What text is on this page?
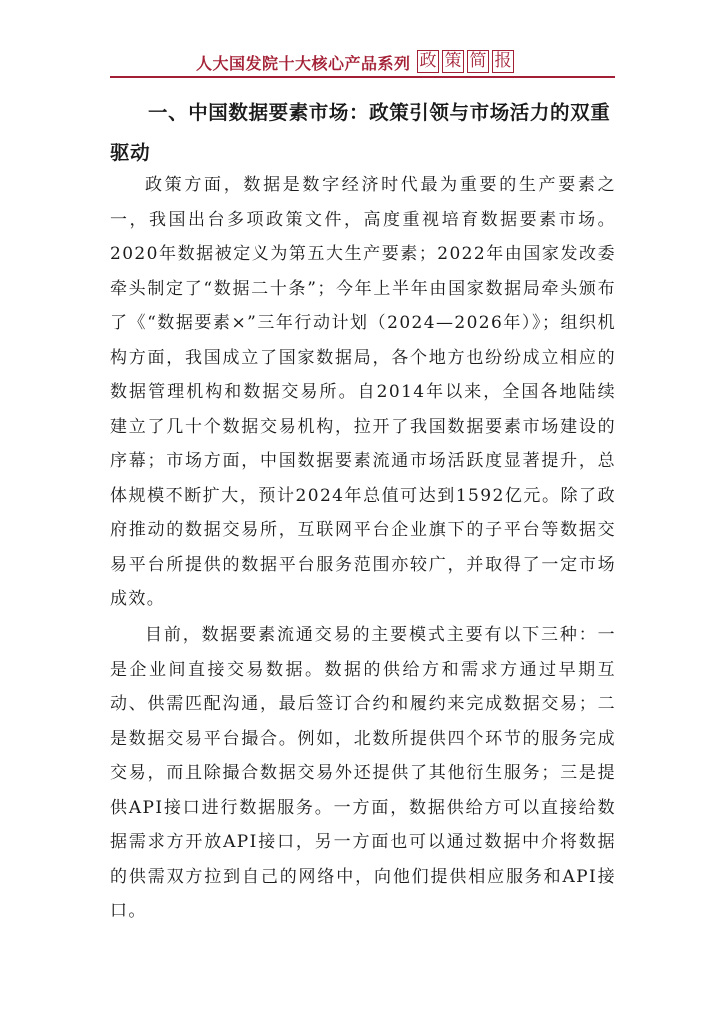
人大国发院十大核心产品系列 政 策 简 报
一、中国数据要素市场：政策引领与市场活力的双重驱动

政策方面，数据是数字经济时代最为重要的生产要素之一，我国出台多项政策文件，高度重视培育数据要素市场。2020年数据被定义为第五大生产要素；2022年由国家发改委牵头制定了“数据二十条”；今年上半年由国家数据局牵头颁布了《“数据要素×”三年行动计划（2024—2026年）》；组织机构方面，我国成立了国家数据局，各个地方也纷纷成立相应的数据管理机构和数据交易所。自2014年以来，全国各地陆续建立了几十个数据交易机构，拉开了我国数据要素市场建设的序幕；市场方面，中国数据要素流通市场活跃度显著提升，总体规模不断扩大，预计2024年总值可达到1592亿元。除了政府推动的数据交易所，互联网平台企业旗下的子平台等数据交易平台所提供的数据平台服务范围亦较广，并取得了一定市场成效。

目前，数据要素流通交易的主要模式主要有以下三种：一是企业间直接交易数据。数据的供给方和需求方通过早期互动、供需匹配沟通，最后签订合约和履约来完成数据交易；二是数据交易平台撮合。例如，北数所提供四个环节的服务完成交易，而且除撮合数据交易外还提供了其他衍生服务；三是提供API接口进行数据服务。一方面，数据供给方可以直接给数据需求方开放API接口，另一方面也可以通过数据中介将数据的供需双方拉到自己的网络中，向他们提供相应服务和API接口。
